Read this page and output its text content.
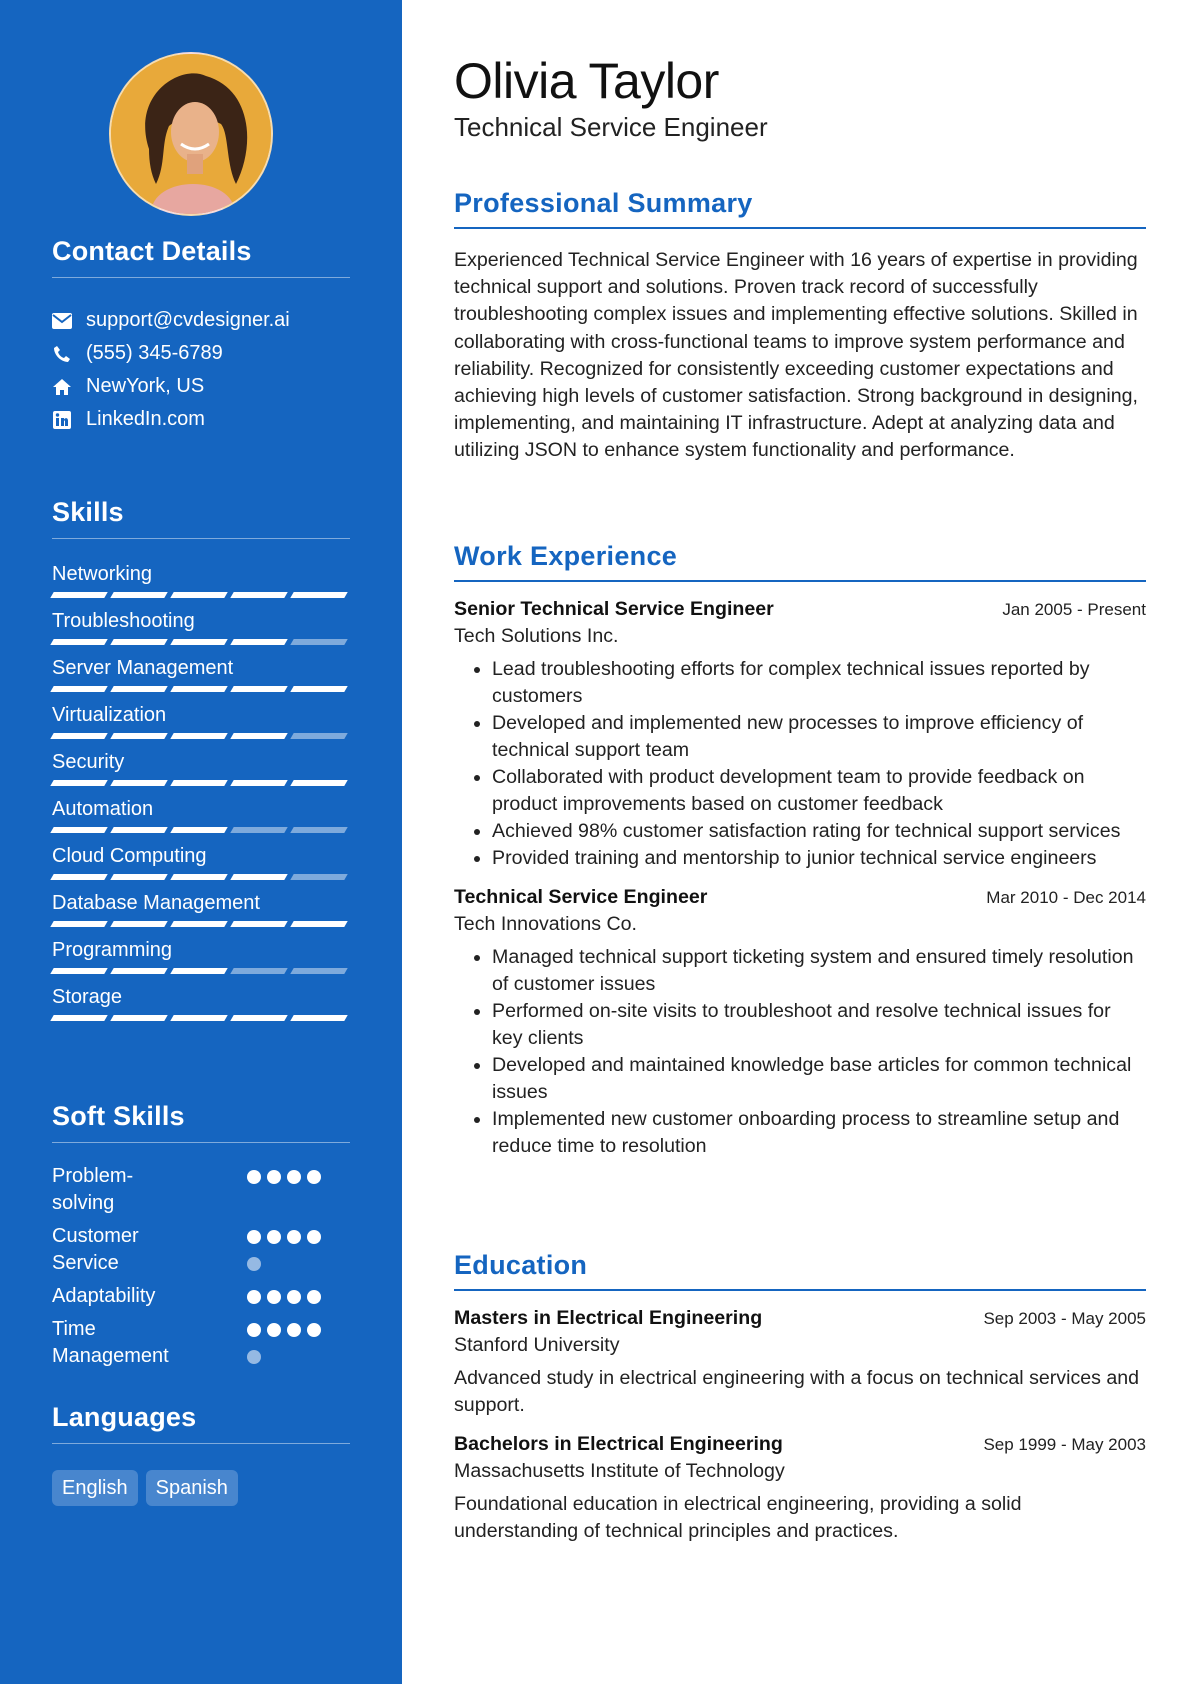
Contact Details
support@cvdesigner.ai
(555) 345-6789
NewYork, US
LinkedIn.com
Skills
Networking
Troubleshooting
Server Management
Virtualization
Security
Automation
Cloud Computing
Database Management
Programming
Storage
Soft Skills
Problem-solving
Customer Service
Adaptability
Time Management
Languages
English	Spanish
Olivia Taylor
Technical Service Engineer
Professional Summary
Experienced Technical Service Engineer with 16 years of expertise in providing technical support and solutions. Proven track record of successfully troubleshooting complex issues and implementing effective solutions. Skilled in collaborating with cross-functional teams to improve system performance and reliability. Recognized for consistently exceeding customer expectations and achieving high levels of customer satisfaction. Strong background in designing, implementing, and maintaining IT infrastructure. Adept at analyzing data and utilizing JSON to enhance system functionality and performance.
Work Experience
Senior Technical Service Engineer	Jan 2005 - Present
Tech Solutions Inc.
• Lead troubleshooting efforts for complex technical issues reported by customers
• Developed and implemented new processes to improve efficiency of technical support team
• Collaborated with product development team to provide feedback on product improvements based on customer feedback
• Achieved 98% customer satisfaction rating for technical support services
• Provided training and mentorship to junior technical service engineers
Technical Service Engineer	Mar 2010 - Dec 2014
Tech Innovations Co.
• Managed technical support ticketing system and ensured timely resolution of customer issues
• Performed on-site visits to troubleshoot and resolve technical issues for key clients
• Developed and maintained knowledge base articles for common technical issues
• Implemented new customer onboarding process to streamline setup and reduce time to resolution
Education
Masters in Electrical Engineering	Sep 2003 - May 2005
Stanford University
Advanced study in electrical engineering with a focus on technical services and support.
Bachelors in Electrical Engineering	Sep 1999 - May 2003
Massachusetts Institute of Technology
Foundational education in electrical engineering, providing a solid understanding of technical principles and practices.
